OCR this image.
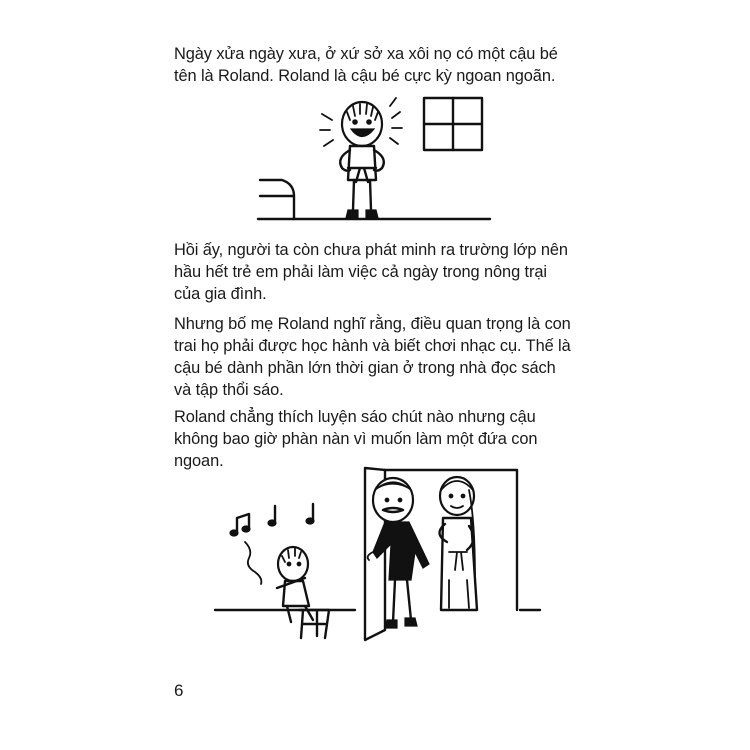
Ngày xửa ngày xưa, ở xứ sở xa xôi nọ có một cậu bé tên là Roland. Roland là cậu bé cực kỳ ngoan ngoãn.

Hồi ấy, người ta còn chưa phát minh ra trường lớp nên hầu hết trẻ em phải làm việc cả ngày trong nông trại của gia đình.

Nhưng bố mẹ Roland nghĩ rằng, điều quan trọng là con trai họ phải được học hành và biết chơi nhạc cụ. Thế là cậu bé dành phần lớn thời gian ở trong nhà đọc sách và tập thổi sáo.

Roland chẳng thích luyện sáo chút nào nhưng cậu không bao giờ phàn nàn vì muốn làm một đứa con ngoan.

6
